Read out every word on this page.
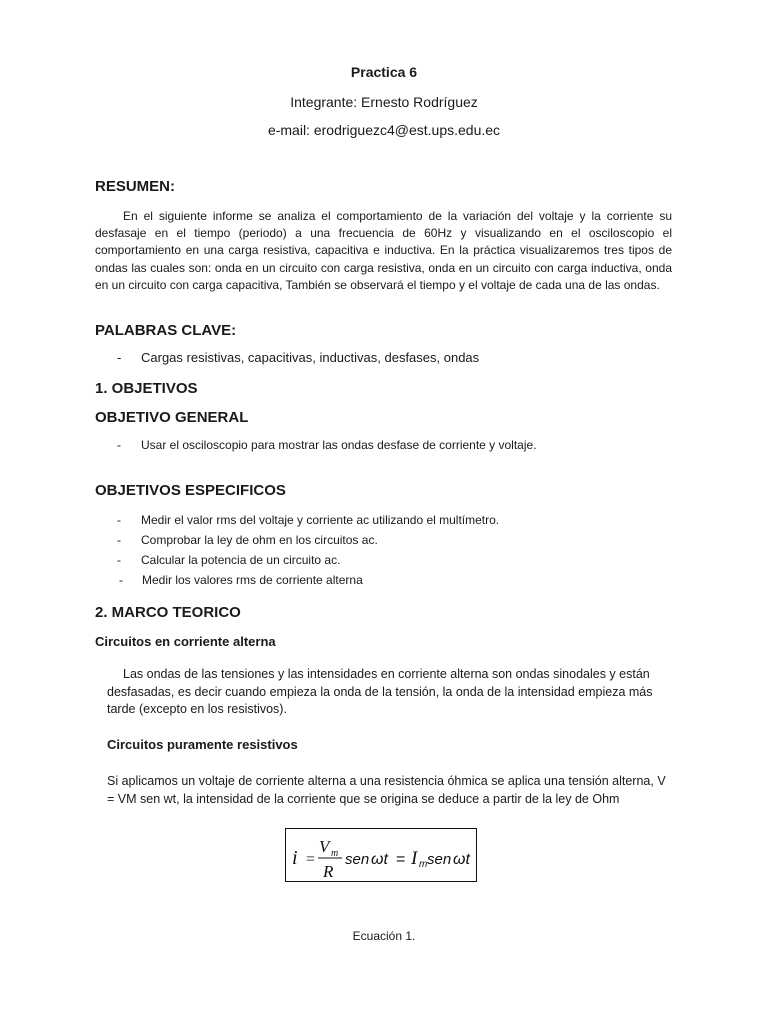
Practica 6
Integrante: Ernesto Rodríguez
e-mail: erodriguezc4@est.ups.edu.ec
RESUMEN:

En el siguiente informe se analiza el comportamiento de la variación del voltaje y la corriente su desfasaje en el tiempo (periodo) a una frecuencia de 60Hz y visualizando en el osciloscopio el comportamiento en una carga resistiva, capacitiva e inductiva. En la práctica visualizaremos tres tipos de ondas las cuales son: onda en un circuito con carga resistiva, onda en un circuito con carga inductiva, onda en un circuito con carga capacitiva, También se observará el tiempo y el voltaje de cada una de las ondas.

PALABRAS CLAVE:
- Cargas resistivas, capacitivas, inductivas, desfases, ondas
1. OBJETIVOS
OBJETIVO GENERAL
- Usar el osciloscopio para mostrar las ondas desfase de corriente y voltaje.
OBJETIVOS ESPECIFICOS
- Medir el valor rms del voltaje y corriente ac utilizando el multímetro.
- Comprobar la ley de ohm en los circuitos ac.
- Calcular la potencia de un circuito ac.
- Medir los valores rms de corriente alterna
2. MARCO TEORICO
Circuitos en corriente alterna

Las ondas de las tensiones y las intensidades en corriente alterna son ondas sinodales y están desfasadas, es decir cuando empieza la onda de la tensión, la onda de la intensidad empieza más tarde (excepto en los resistivos).

Circuitos puramente resistivos

Si aplicamos un voltaje de corriente alterna a una resistencia óhmica se aplica una tensión alterna, V = VM sen wt, la intensidad de la corriente que se origina se deduce a partir de la ley de Ohm

i =
V m
R
sen ωt = I m sen ωt
Ecuación 1.
